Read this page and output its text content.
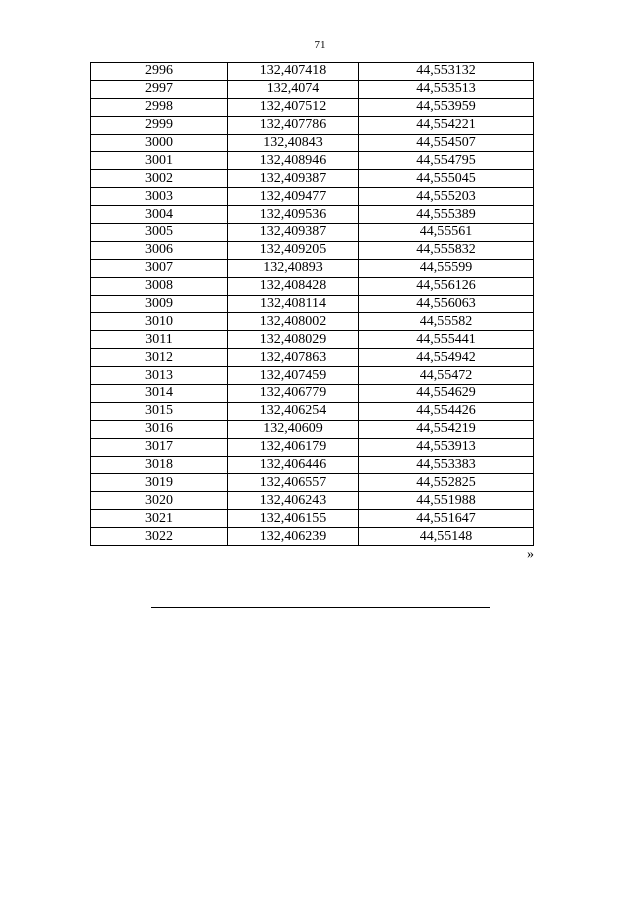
71
2996	132,407418	44,553132
2997	132,4074	44,553513
2998	132,407512	44,553959
2999	132,407786	44,554221
3000	132,40843	44,554507
3001	132,408946	44,554795
3002	132,409387	44,555045
3003	132,409477	44,555203
3004	132,409536	44,555389
3005	132,409387	44,55561
3006	132,409205	44,555832
3007	132,40893	44,55599
3008	132,408428	44,556126
3009	132,408114	44,556063
3010	132,408002	44,55582
3011	132,408029	44,555441
3012	132,407863	44,554942
3013	132,407459	44,55472
3014	132,406779	44,554629
3015	132,406254	44,554426
3016	132,40609	44,554219
3017	132,406179	44,553913
3018	132,406446	44,553383
3019	132,406557	44,552825
3020	132,406243	44,551988
3021	132,406155	44,551647
3022	132,406239	44,55148
»
